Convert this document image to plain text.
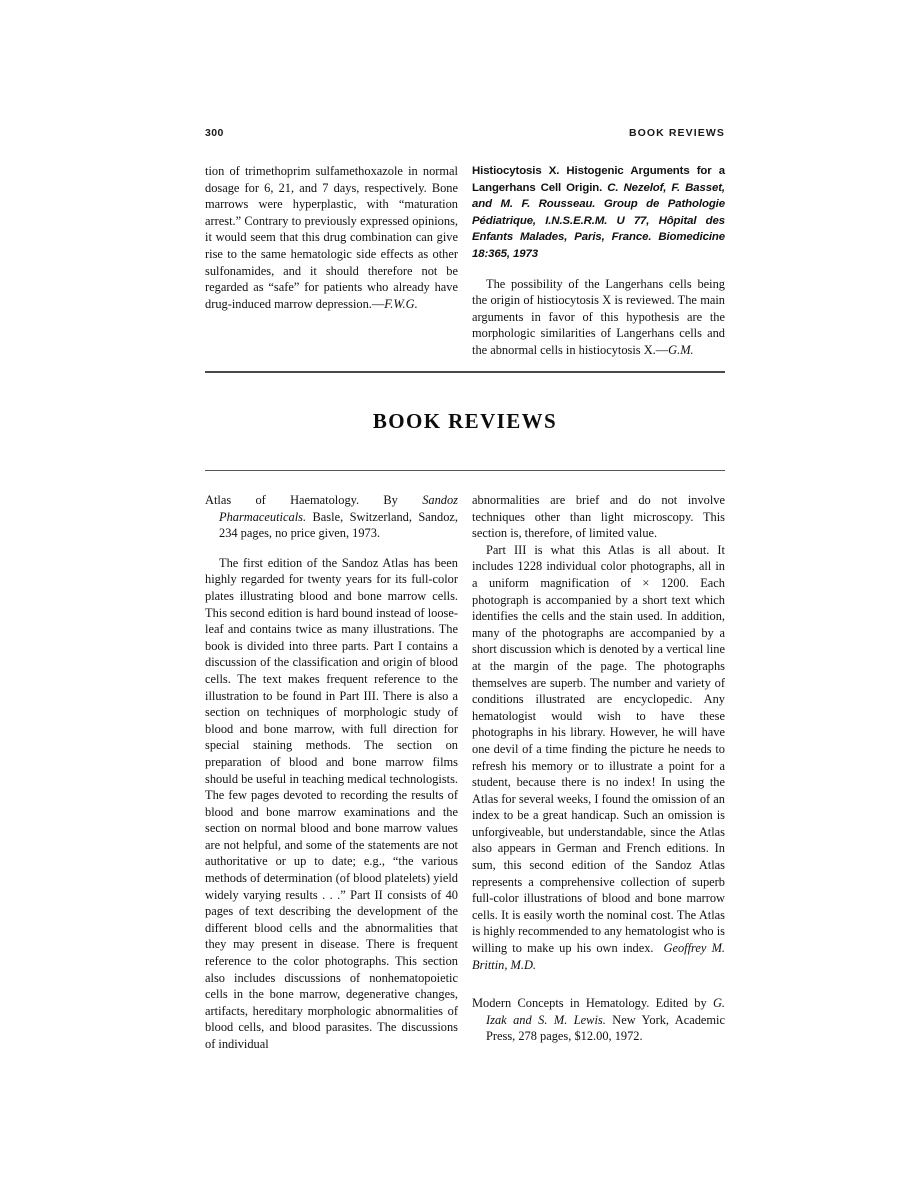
300	BOOK REVIEWS

tion of trimethoprim sulfamethoxazole in normal dosage for 6, 21, and 7 days, respectively. Bone marrows were hyperplastic, with “maturation arrest.” Contrary to previously expressed opinions, it would seem that this drug combination can give rise to the same hematologic side effects as other sulfonamides, and it should therefore not be regarded as “safe” for patients who already have drug-induced marrow depression.—F.W.G.

Histiocytosis X. Histogenic Arguments for a Langerhans Cell Origin. C. Nezelof, F. Basset, and M. F. Rousseau. Group de Pathologie Pédiatrique, I.N.S.E.R.M. U 77, Hôpital des Enfants Malades, Paris, France. Biomedicine 18:365, 1973

The possibility of the Langerhans cells being the origin of histiocytosis X is reviewed. The main arguments in favor of this hypothesis are the morphologic similarities of Langerhans cells and the abnormal cells in histiocytosis X.—G.M.

BOOK REVIEWS

Atlas of Haematology. By Sandoz Pharmaceuticals. Basle, Switzerland, Sandoz, 234 pages, no price given, 1973.

The first edition of the Sandoz Atlas has been highly regarded for twenty years for its full-color plates illustrating blood and bone marrow cells. This second edition is hard bound instead of loose-leaf and contains twice as many illustrations. The book is divided into three parts. Part I contains a discussion of the classification and origin of blood cells. The text makes frequent reference to the illustration to be found in Part III. There is also a section on techniques of morphologic study of blood and bone marrow, with full direction for special staining methods. The section on preparation of blood and bone marrow films should be useful in teaching medical technologists. The few pages devoted to recording the results of blood and bone marrow examinations and the section on normal blood and bone marrow values are not helpful, and some of the statements are not authoritative or up to date; e.g., “the various methods of determination (of blood platelets) yield widely varying results . . .” Part II consists of 40 pages of text describing the development of the different blood cells and the abnormalities that they may present in disease. There is frequent reference to the color photographs. This section also includes discussions of nonhematopoietic cells in the bone marrow, degenerative changes, artifacts, hereditary morphologic abnormalities of blood cells, and blood parasites. The discussions of individual

abnormalities are brief and do not involve techniques other than light microscopy. This section is, therefore, of limited value.

Part III is what this Atlas is all about. It includes 1228 individual color photographs, all in a uniform magnification of × 1200. Each photograph is accompanied by a short text which identifies the cells and the stain used. In addition, many of the photographs are accompanied by a short discussion which is denoted by a vertical line at the margin of the page. The photographs themselves are superb. The number and variety of conditions illustrated are encyclopedic. Any hematologist would wish to have these photographs in his library. However, he will have one devil of a time finding the picture he needs to refresh his memory or to illustrate a point for a student, because there is no index! In using the Atlas for several weeks, I found the omission of an index to be a great handicap. Such an omission is unforgiveable, but understandable, since the Atlas also appears in German and French editions. In sum, this second edition of the Sandoz Atlas represents a comprehensive collection of superb full-color illustrations of blood and bone marrow cells. It is easily worth the nominal cost. The Atlas is highly recommended to any hematologist who is willing to make up his own index. Geoffrey M. Brittin, M.D.

Modern Concepts in Hematology. Edited by G. Izak and S. M. Lewis. New York, Academic Press, 278 pages, $12.00, 1972.
